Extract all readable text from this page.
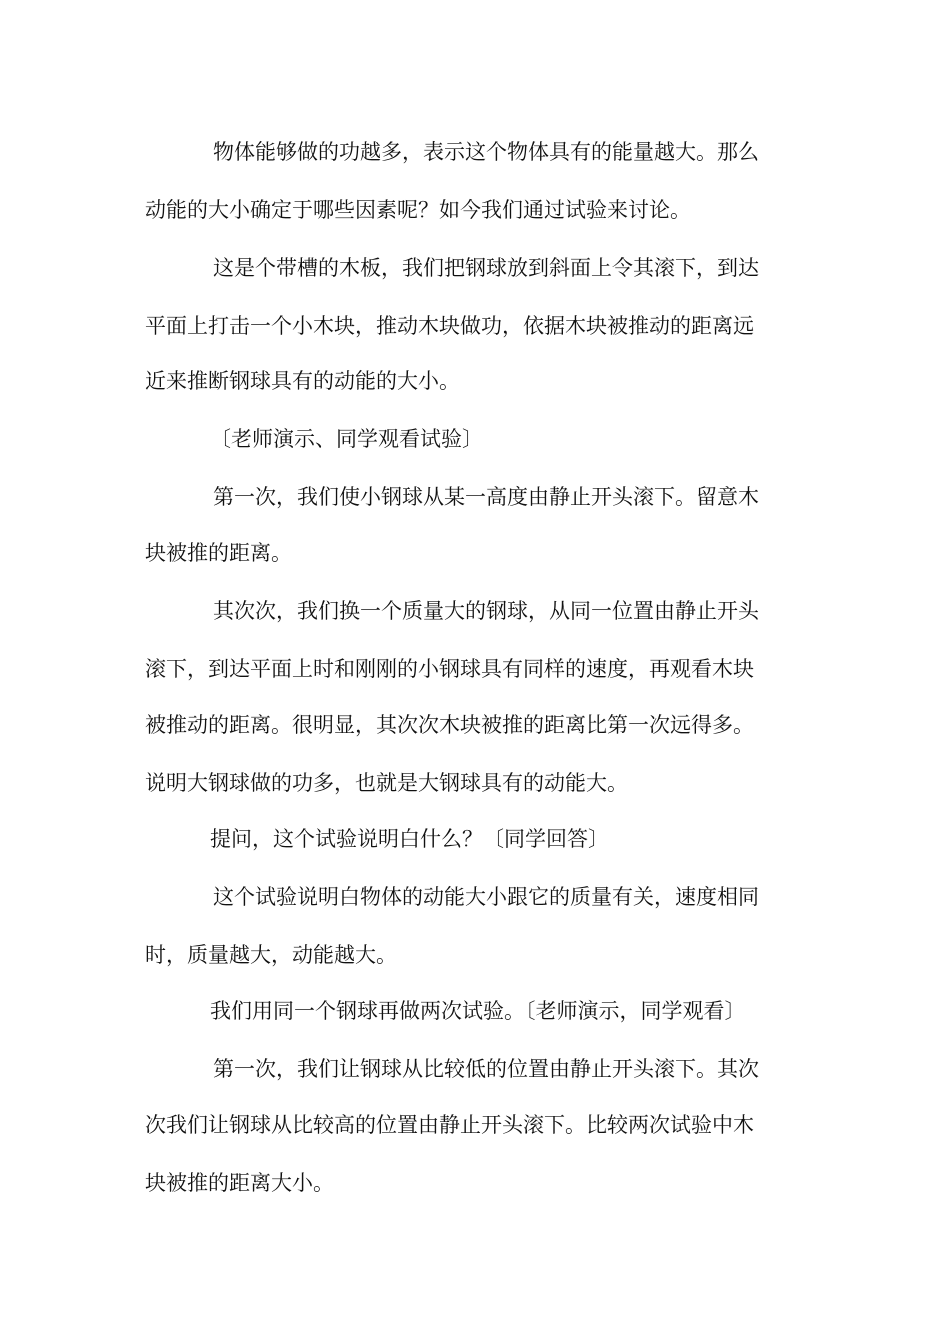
物体能够做的功越多，表示这个物体具有的能量越大。那么

动能的大小确定于哪些因素呢？如今我们通过试验来讨论。

这是个带槽的木板，我们把钢球放到斜面上令其滚下，到达

平面上打击一个小木块，推动木块做功，依据木块被推动的距离远

近来推断钢球具有的动能的大小。

〔老师演示、同学观看试验〕

第一次，我们使小钢球从某一高度由静止开头滚下。留意木

块被推的距离。

其次次，我们换一个质量大的钢球，从同一位置由静止开头

滚下，到达平面上时和刚刚的小钢球具有同样的速度，再观看木块

被推动的距离。很明显，其次次木块被推的距离比第一次远得多。

说明大钢球做的功多，也就是大钢球具有的动能大。

提问，这个试验说明白什么？〔同学回答〕

这个试验说明白物体的动能大小跟它的质量有关，速度相同

时，质量越大，动能越大。

我们用同一个钢球再做两次试验。〔老师演示，同学观看〕

第一次，我们让钢球从比较低的位置由静止开头滚下。其次

次我们让钢球从比较高的位置由静止开头滚下。比较两次试验中木

块被推的距离大小。
